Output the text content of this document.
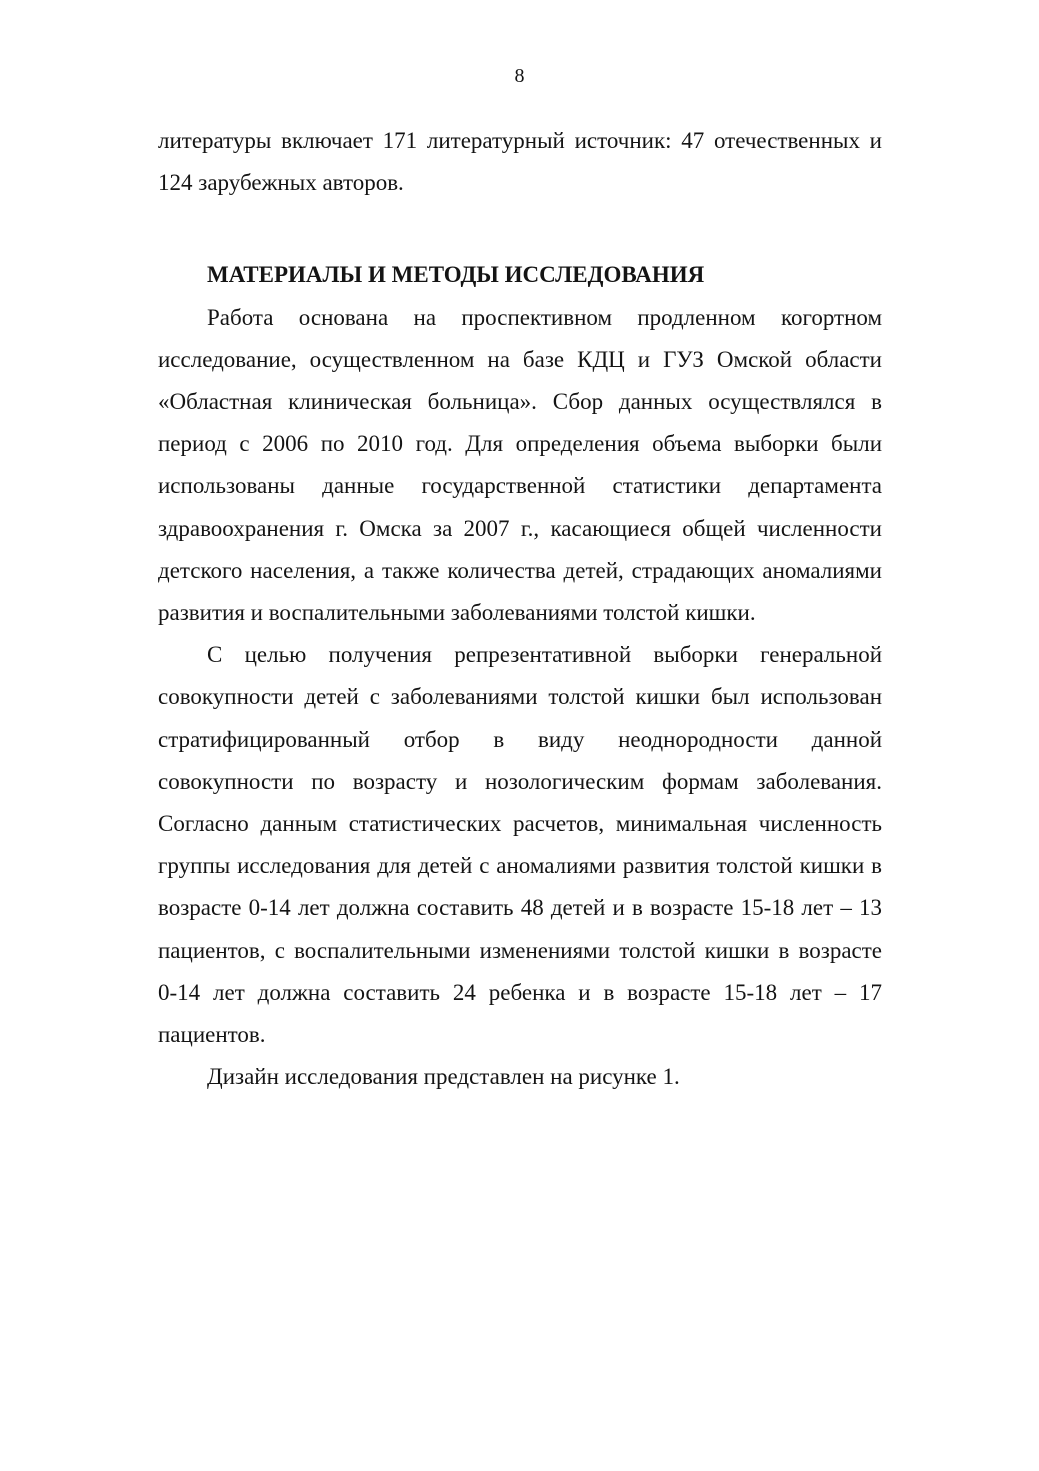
8

литературы включает 171 литературный источник: 47 отечественных и 124 зарубежных авторов.

МАТЕРИАЛЫ И МЕТОДЫ ИССЛЕДОВАНИЯ

Работа основана на проспективном продленном когортном исследование, осуществленном на базе КДЦ и ГУЗ Омской области «Областная клиническая больница». Сбор данных осуществлялся в период с 2006 по 2010 год. Для определения объема выборки были использованы данные государственной статистики департамента здравоохранения г. Омска за 2007 г., касающиеся общей численности детского населения, а также количества детей, страдающих аномалиями развития и воспалительными заболеваниями толстой кишки.

С целью получения репрезентативной выборки генеральной совокупности детей с заболеваниями толстой кишки был использован стратифицированный отбор в виду неоднородности данной совокупности по возрасту и нозологическим формам заболевания. Согласно данным статистических расчетов, минимальная численность группы исследования для детей с аномалиями развития толстой кишки в возрасте 0-14 лет должна составить 48 детей и в возрасте 15-18 лет – 13 пациентов, с воспалительными изменениями толстой кишки в возрасте 0-14 лет должна составить 24 ребенка и в возрасте 15-18 лет – 17 пациентов.

Дизайн исследования представлен на рисунке 1.
